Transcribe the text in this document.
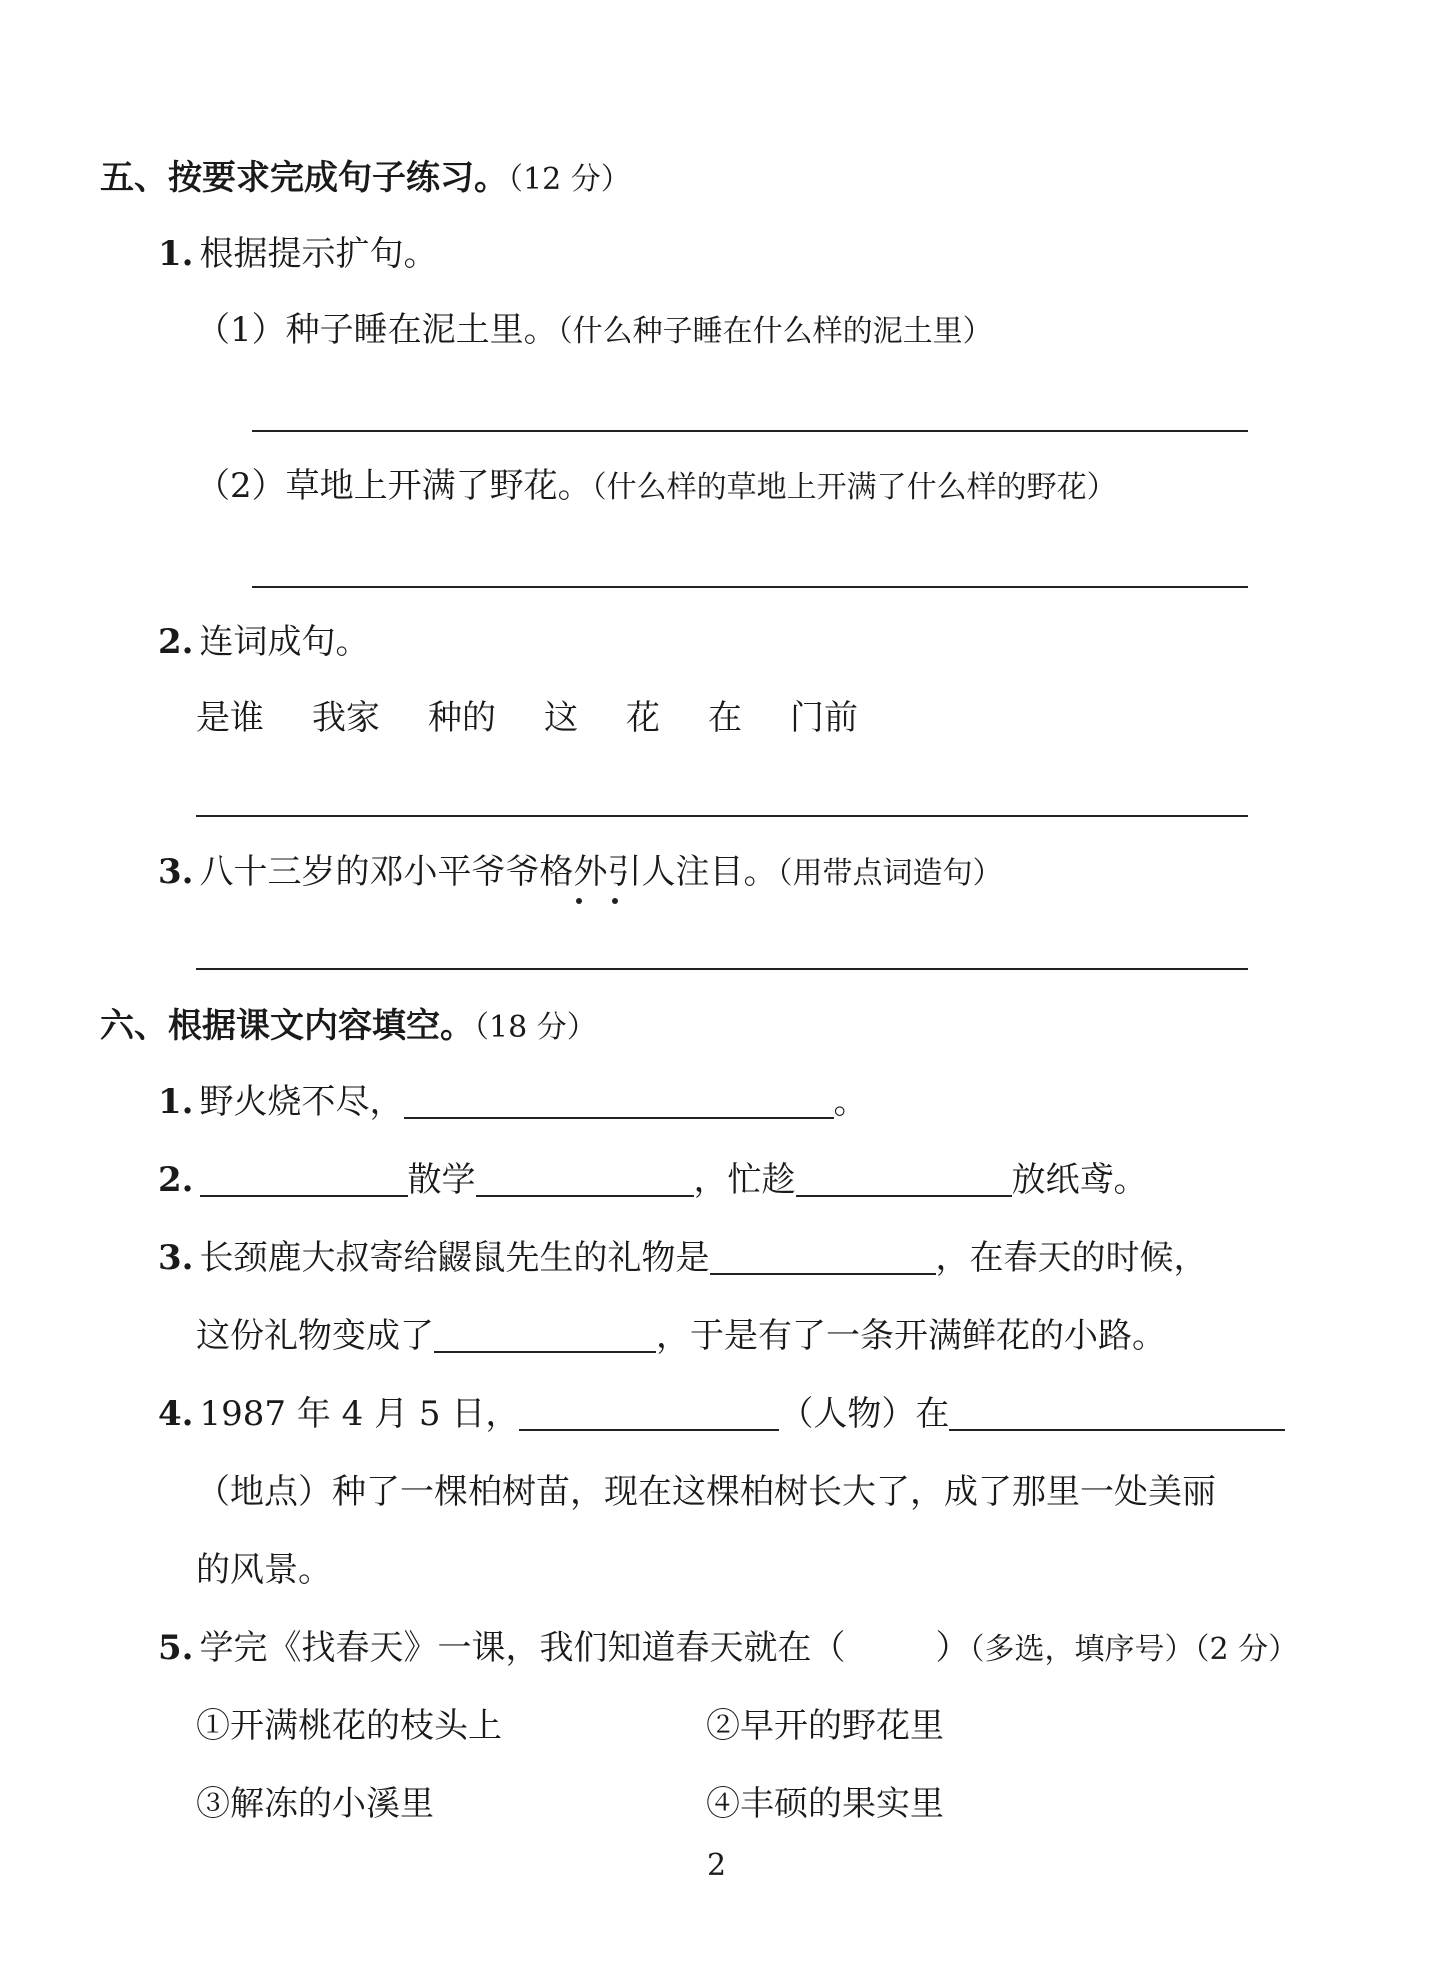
五、按要求完成句子练习。（12 分）
1. 根据提示扩句。
（1）种子睡在泥土里。（什么种子睡在什么样的泥土里）
（2）草地上开满了野花。（什么样的草地上开满了什么样的野花）
2. 连词成句。
是谁 我家 种的 这 花 在 门前
3. 八十三岁的邓小平爷爷格外引人注目。（用带点词造句）
六、根据课文内容填空。（18 分）
1. 野火烧不尽，	。
2.	散学	，忙趁	放纸鸢。
3. 长颈鹿大叔寄给鼹鼠先生的礼物是	，在春天的时候，
这份礼物变成了	，于是有了一条开满鲜花的小路。
4. 1987 年 4 月 5 日，	（人物）在
（地点）种了一棵柏树苗，现在这棵柏树长大了，成了那里一处美丽
的风景。
5. 学完《找春天》一课，我们知道春天就在（	）（多选，填序号）（2 分）
①开满桃花的枝头上	②早开的野花里
③解冻的小溪里	④丰硕的果实里
2
